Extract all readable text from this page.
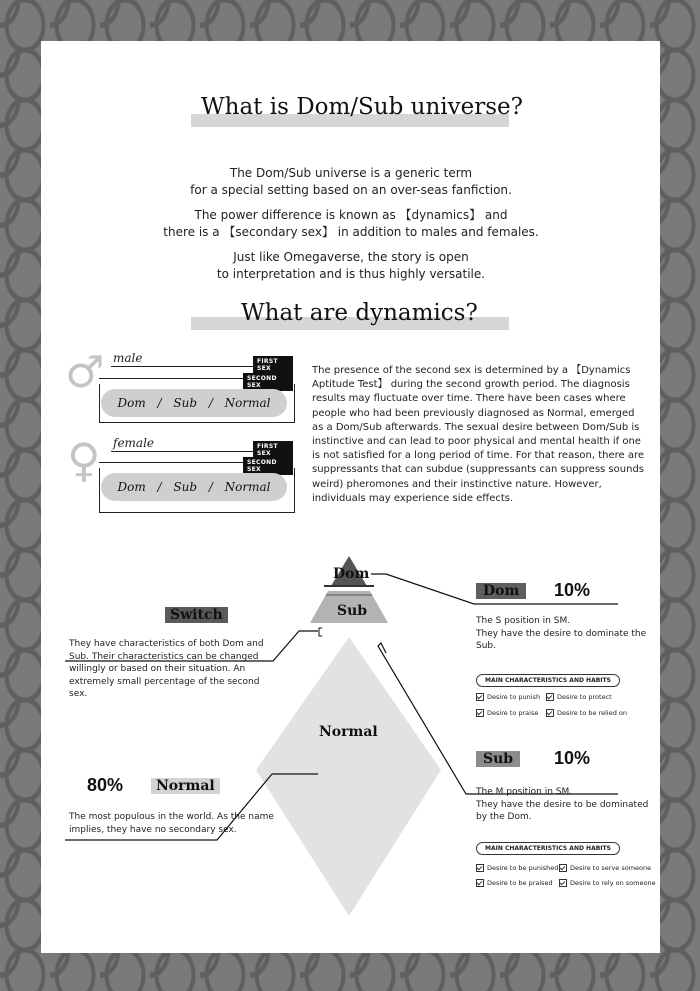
What is Dom/Sub universe?

The Dom/Sub universe is a generic term

for a special setting based on an over-seas fanfiction.

The power difference is known as 【dynamics】 and

there is a 【secondary sex】 in addition to males and females.

Just like Omegaverse, the story is open

to interpretation and is thus highly versatile.

What are dynamics?
♂ male	FIRST SEX
SECOND SEX
Dom / Sub / Normal
♀ female	FIRST SEX
SECOND SEX
Dom / Sub / Normal
The presence of the second sex is determined by a 【Dynamics Aptitude Test】 during the second growth period. The diagnosis results may fluctuate over time. There have been cases where people who had been previously diagnosed as Normal, emerged as a Dom/Sub afterwards. The sexual desire between Dom/Sub is instinctive and can lead to poor physical and mental health if one is not satisfied for a long period of time. For that reason, there are suppressants that can subdue (suppressants can suppress sounds weird) pheromones and their instinctive nature. However, individuals may experience side effects.
Dom
Sub
Normal
Switch
They have characteristics of both Dom and Sub. Their characteristics can be changed willingly or based on their situation. An extremely small percentage of the second sex.
80%	Normal
The most populous in the world. As the name implies, they have no secondary sex.
Dom	10%
The S position in SM.
They have the desire to dominate the Sub.
MAIN CHARACTERISTICS AND HABITS
Desire to punish	Desire to protect
Desire to praise	Desire to be relied on
Sub	10%
The M position in SM.
They have the desire to be dominated by the Dom.
MAIN CHARACTERISTICS AND HABITS
Desire to be punished	Desire to serve someone
Desire to be praised	Desire to rely on someone
